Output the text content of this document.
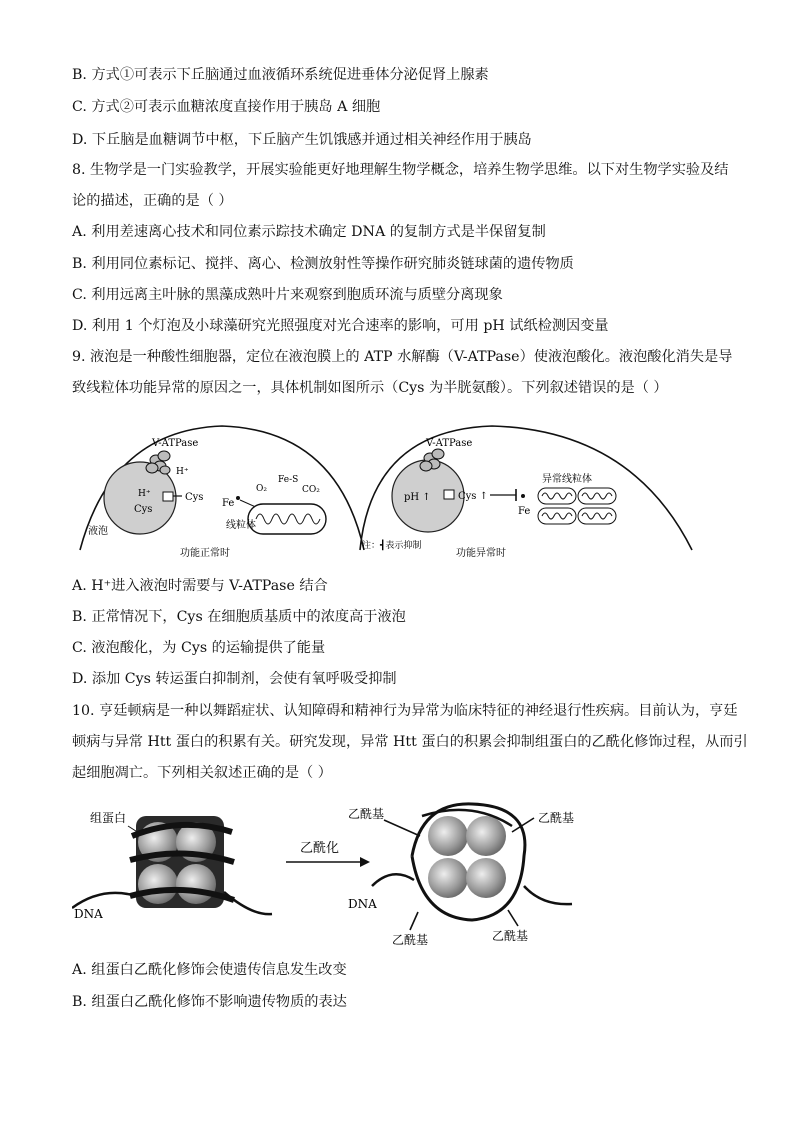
B. 方式①可表示下丘脑通过血液循环系统促进垂体分泌促肾上腺素
C. 方式②可表示血糖浓度直接作用于胰岛 A 细胞
D. 下丘脑是血糖调节中枢，下丘脑产生饥饿感并通过相关神经作用于胰岛
8. 生物学是一门实验教学，开展实验能更好地理解生物学概念，培养生物学思维。以下对生物学实验及结
论的描述，正确的是（ ）
A. 利用差速离心技术和同位素示踪技术确定 DNA 的复制方式是半保留复制
B. 利用同位素标记、搅拌、离心、检测放射性等操作研究肺炎链球菌的遗传物质
C. 利用远离主叶脉的黑藻成熟叶片来观察到胞质环流与质壁分离现象
D. 利用 1 个灯泡及小球藻研究光照强度对光合速率的影响，可用 pH 试纸检测因变量
9. 液泡是一种酸性细胞器，定位在液泡膜上的 ATP 水解酶（V-ATPase）使液泡酸化。液泡酸化消失是导
致线粒体功能异常的原因之一，具体机制如图所示（Cys 为半胱氨酸）。下列叙述错误的是（ ）
V-ATPase
H⁺
H⁺
Cys
Cys
液泡
Fe
O₂
Fe-S
CO₂
线粒体
功能正常时
V-ATPase
pH ↑	Cys ↑
Fe
异常线粒体
注：┫表示抑制
功能异常时
A. H⁺进入液泡时需要与 V-ATPase 结合
B. 正常情况下，Cys 在细胞质基质中的浓度高于液泡
C. 液泡酸化，为 Cys 的运输提供了能量
D. 添加 Cys 转运蛋白抑制剂，会使有氧呼吸受抑制
10. 亨廷顿病是一种以舞蹈症状、认知障碍和精神行为异常为临床特征的神经退行性疾病。目前认为，亨廷
顿病与异常 Htt 蛋白的积累有关。研究发现，异常 Htt 蛋白的积累会抑制组蛋白的乙酰化修饰过程，从而引
起细胞凋亡。下列相关叙述正确的是（ ）
组蛋白
DNA
乙酰化
乙酰基	乙酰基
DNA
乙酰基	乙酰基
A. 组蛋白乙酰化修饰会使遗传信息发生改变
B. 组蛋白乙酰化修饰不影响遗传物质的表达
